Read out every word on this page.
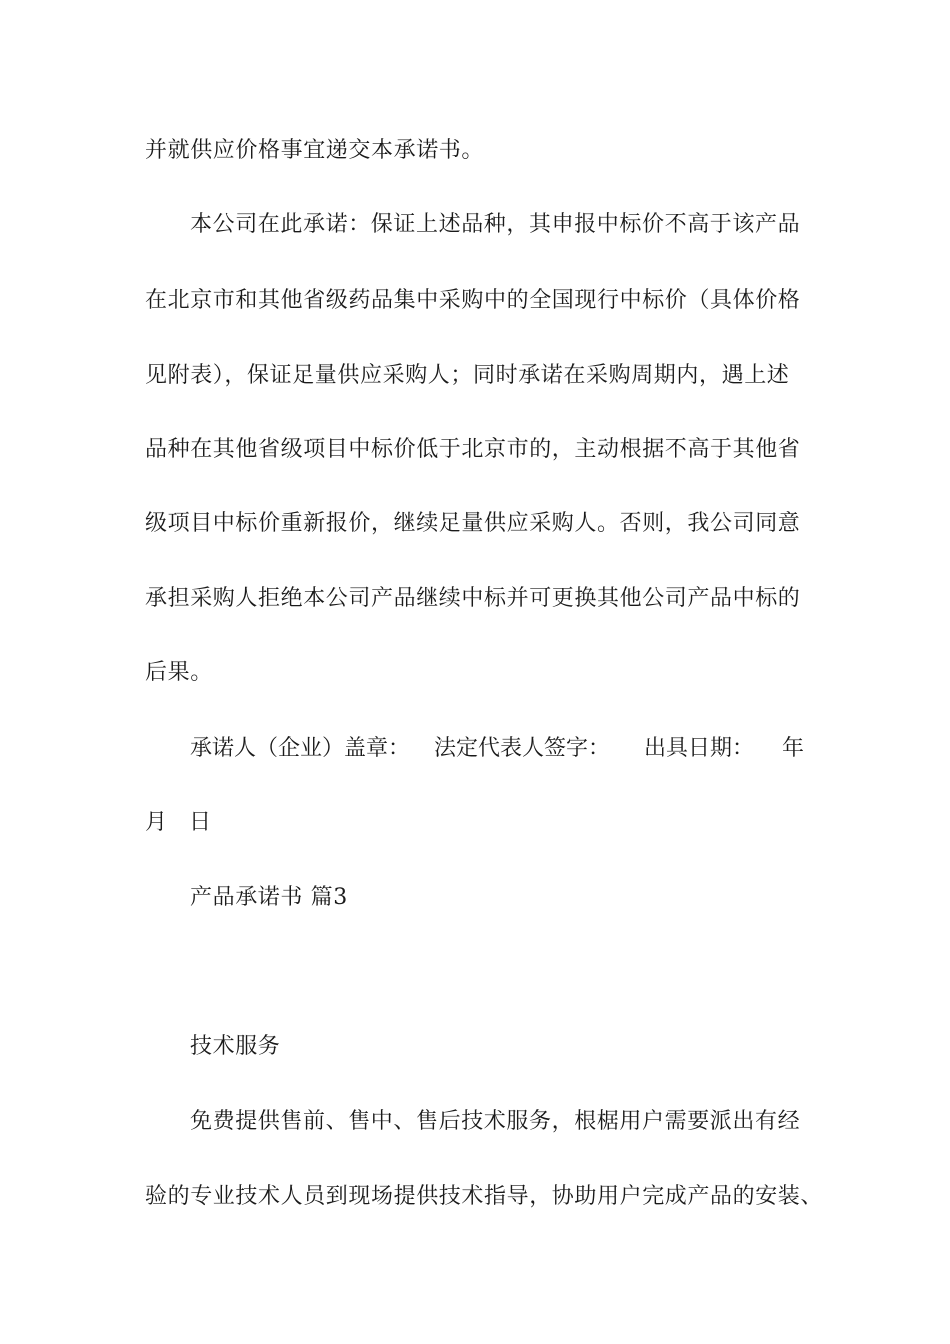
并就供应价格事宜递交本承诺书。
本公司在此承诺：保证上述品种，其申报中标价不高于该产品
在北京市和其他省级药品集中采购中的全国现行中标价（具体价格
见附表），保证足量供应采购人；同时承诺在采购周期内，遇上述
品种在其他省级项目中标价低于北京市的，主动根据不高于其他省
级项目中标价重新报价，继续足量供应采购人。否则，我公司同意
承担采购人拒绝本公司产品继续中标并可更换其他公司产品中标的
后果。
承诺人（企业）盖章： 法定代表人签字： 出具日期： 年
月　日
产品承诺书 篇3
技术服务
免费提供售前、售中、售后技术服务，根椐用户需要派出有经
验的专业技术人员到现场提供技术指导，协助用户完成产品的安装、
